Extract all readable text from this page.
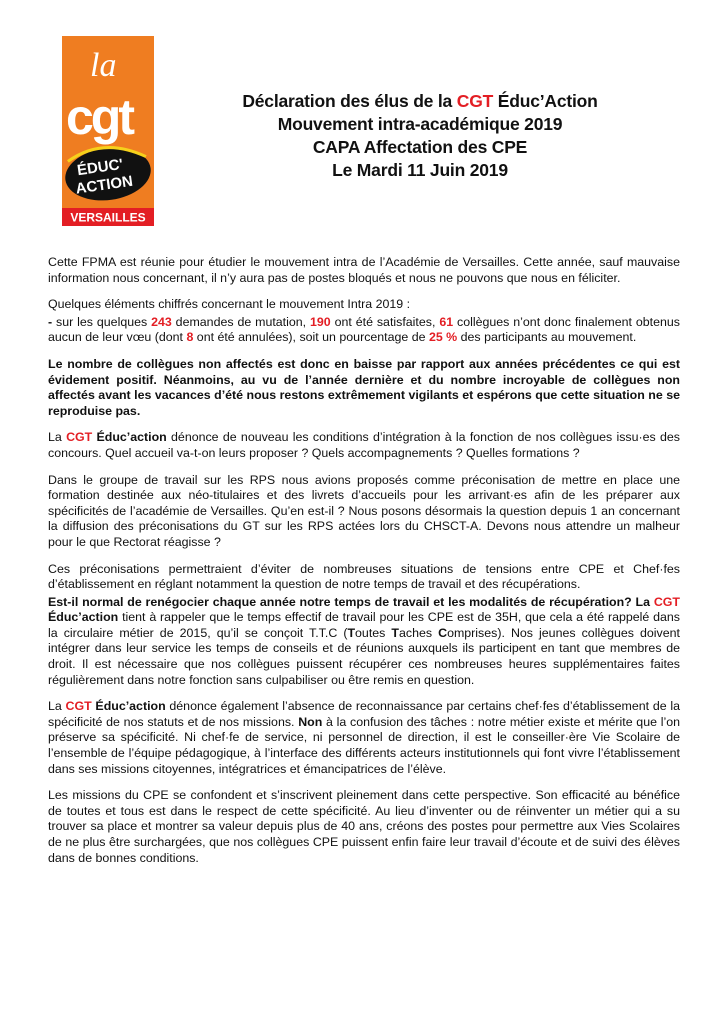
la
cgt
ÉDUC'
ACTION
VERSAILLES
Déclaration des élus de la CGT Éduc’Action
Mouvement intra-académique 2019
CAPA Affectation des CPE
Le Mardi 11 Juin 2019

Cette FPMA est réunie pour étudier le mouvement intra de l’Académie de Versailles. Cette année, sauf mauvaise information nous concernant, il n’y aura pas de postes bloqués et nous ne pouvons que nous en féliciter.

Quelques éléments chiffrés concernant le mouvement Intra 2019 :

- sur les quelques 243 demandes de mutation, 190 ont été satisfaites, 61 collègues n’ont donc finalement obtenus aucun de leur vœu (dont 8 ont été annulées), soit un pourcentage de 25 % des participants au mouvement.

Le nombre de collègues non affectés est donc en baisse par rapport aux années précédentes ce qui est évidement positif. Néanmoins, au vu de l’année dernière et du nombre incroyable de collègues non affectés avant les vacances d’été nous restons extrêmement vigilants et espérons que cette situation ne se reproduise pas.

La CGT Éduc’action dénonce de nouveau les conditions d’intégration à la fonction de nos collègues issu·es des concours. Quel accueil va-t-on leurs proposer ? Quels accompagnements ? Quelles formations ?

Dans le groupe de travail sur les RPS nous avions proposés comme préconisation de mettre en place une formation destinée aux néo-titulaires et des livrets d’accueils pour les arrivant·es afin de les préparer aux spécificités de l’académie de Versailles. Qu’en est-il ? Nous posons désormais la question depuis 1 an concernant la diffusion des préconisations du GT sur les RPS actées lors du CHSCT-A. Devons nous attendre un malheur pour le que Rectorat réagisse ?

Ces préconisations permettraient d’éviter de nombreuses situations de tensions entre CPE et Chef·fes d’établissement en réglant notamment la question de notre temps de travail et des récupérations.

Est-il normal de renégocier chaque année notre temps de travail et les modalités de récupération? La CGT Éduc’action tient à rappeler que le temps effectif de travail pour les CPE est de 35H, que cela a été rappelé dans la circulaire métier de 2015, qu’il se conçoit T.T.C (Toutes Taches Comprises). Nos jeunes collègues doivent intégrer dans leur service les temps de conseils et de réunions auxquels ils participent en tant que membres de droit. Il est nécessaire que nos collègues puissent récupérer ces nombreuses heures supplémentaires faites régulièrement dans notre fonction sans culpabiliser ou être remis en question.

La CGT Éduc’action dénonce également l’absence de reconnaissance par certains chef·fes d’établissement de la spécificité de nos statuts et de nos missions. Non à la confusion des tâches : notre métier existe et mérite que l’on préserve sa spécificité. Ni chef·fe de service, ni personnel de direction, il est le conseiller·ère Vie Scolaire de l’ensemble de l’équipe pédagogique, à l’interface des différents acteurs institutionnels qui font vivre l’établissement dans ses missions citoyennes, intégratrices et émancipatrices de l’élève.

Les missions du CPE se confondent et s’inscrivent pleinement dans cette perspective. Son efficacité au bénéfice de toutes et tous est dans le respect de cette spécificité. Au lieu d’inventer ou de réinventer un métier qui a su trouver sa place et montrer sa valeur depuis plus de 40 ans, créons des postes pour permettre aux Vies Scolaires de ne plus être surchargées, que nos collègues CPE puissent enfin faire leur travail d’écoute et de suivi des élèves dans de bonnes conditions.
